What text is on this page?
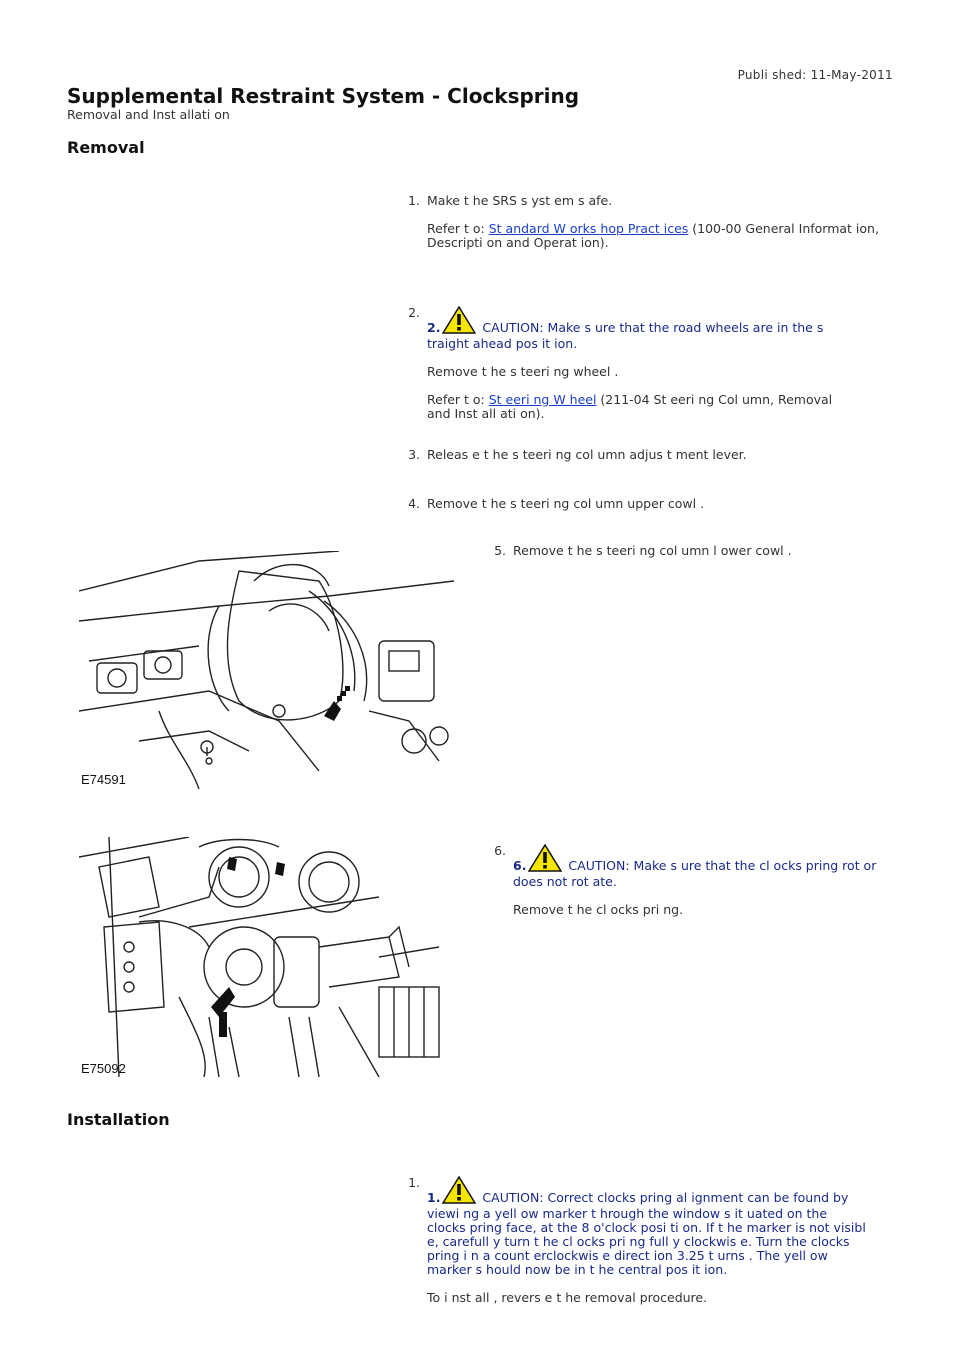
Publi shed: 11-May-2011
Supplemental Restraint System - Clockspring
Removal and Inst allati on
Removal
1. Make t he SRS s yst em s afe.

Refer t o: St andard W orks hop Pract ices (100-00 General Informat ion, Descripti on and Operat ion).

2.

2.	CAUTION: Make s ure that the road wheels are in the s traight ahead pos it ion.

Remove t he s teeri ng wheel .

Refer t o: St eeri ng W heel (211-04 St eeri ng Col umn, Removal and Inst all ati on).

3. Releas e t he s teeri ng col umn adjus t ment lever.

4. Remove t he s teeri ng col umn upper cowl .

E74591
5. Remove t he s teeri ng col umn l ower cowl .

E75092
6.

6.	CAUTION: Make s ure that the cl ocks pring rot or does not rot ate.

Remove t he cl ocks pri ng.

Installation
1.

1.	CAUTION: Correct clocks pring al ignment can be found by viewi ng a yell ow marker t hrough the window s it uated on the clocks pring face, at the 8 o'clock posi ti on. If t he marker is not visibl e, carefull y turn t he cl ocks pri ng full y clockwis e. Turn the clocks pring i n a count erclockwis e direct ion 3.25 t urns . The yell ow marker s hould now be in t he central pos it ion.

To i nst all , revers e t he removal procedure.
